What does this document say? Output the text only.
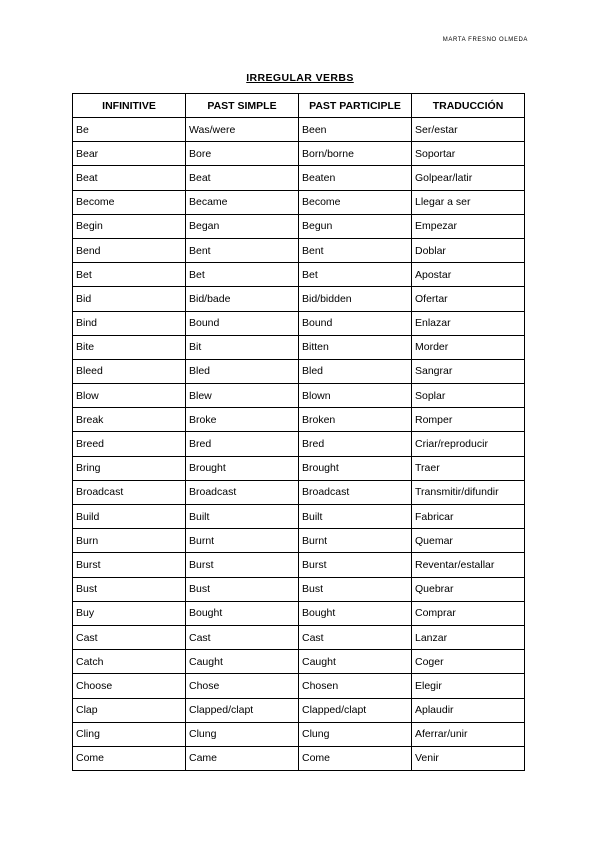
MARTA FRESNO OLMEDA
IRREGULAR VERBS
INFINITIVE	PAST SIMPLE	PAST PARTICIPLE	TRADUCCIÓN
Be	Was/were	Been	Ser/estar
Bear	Bore	Born/borne	Soportar
Beat	Beat	Beaten	Golpear/latir
Become	Became	Become	Llegar a ser
Begin	Began	Begun	Empezar
Bend	Bent	Bent	Doblar
Bet	Bet	Bet	Apostar
Bid	Bid/bade	Bid/bidden	Ofertar
Bind	Bound	Bound	Enlazar
Bite	Bit	Bitten	Morder
Bleed	Bled	Bled	Sangrar
Blow	Blew	Blown	Soplar
Break	Broke	Broken	Romper
Breed	Bred	Bred	Criar/reproducir
Bring	Brought	Brought	Traer
Broadcast	Broadcast	Broadcast	Transmitir/difundir
Build	Built	Built	Fabricar
Burn	Burnt	Burnt	Quemar
Burst	Burst	Burst	Reventar/estallar
Bust	Bust	Bust	Quebrar
Buy	Bought	Bought	Comprar
Cast	Cast	Cast	Lanzar
Catch	Caught	Caught	Coger
Choose	Chose	Chosen	Elegir
Clap	Clapped/clapt	Clapped/clapt	Aplaudir
Cling	Clung	Clung	Aferrar/unir
Come	Came	Come	Venir
